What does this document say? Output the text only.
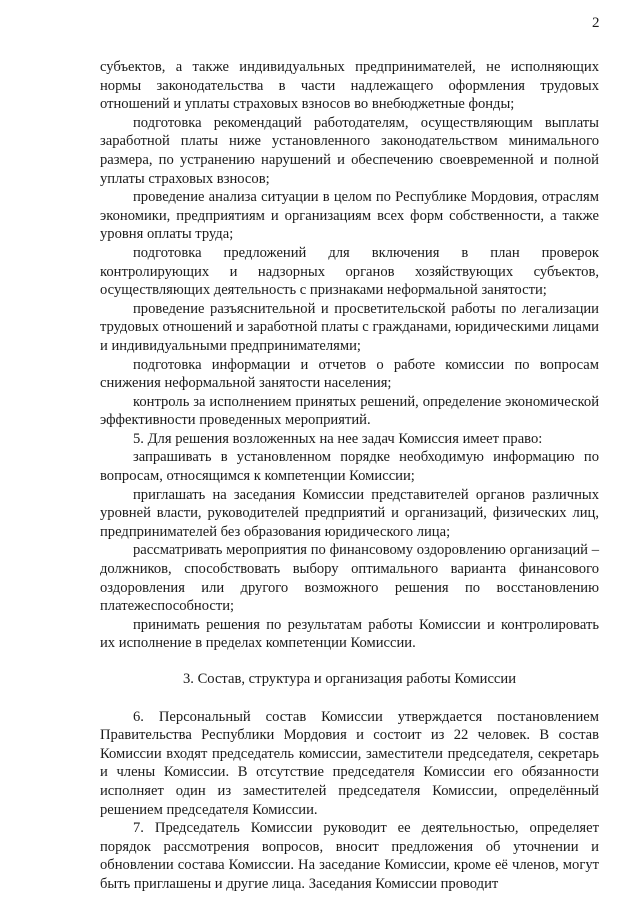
2

субъектов, а также индивидуальных предпринимателей, не исполняющих нормы законодательства в части надлежащего оформления трудовых отношений и уплаты страховых взносов во внебюджетные фонды;

подготовка рекомендаций работодателям, осуществляющим выплаты заработной платы ниже установленного законодательством минимального размера, по устранению нарушений и обеспечению своевременной и полной уплаты страховых взносов;

проведение анализа ситуации в целом по Республике Мордовия, отраслям экономики, предприятиям и организациям всех форм собственности, а также уровня оплаты труда;

подготовка предложений для включения в план проверок контролирующих и надзорных органов хозяйствующих субъектов, осуществляющих деятельность с признаками неформальной занятости;

проведение разъяснительной и просветительской работы по легализации трудовых отношений и заработной платы с гражданами, юридическими лицами и индивидуальными предпринимателями;

подготовка информации и отчетов о работе комиссии по вопросам снижения неформальной занятости населения;

контроль за исполнением принятых решений, определение экономической эффективности проведенных мероприятий.

5. Для решения возложенных на нее задач Комиссия имеет право:

запрашивать в установленном порядке необходимую информацию по вопросам, относящимся к компетенции Комиссии;

приглашать на заседания Комиссии представителей органов различных уровней власти, руководителей предприятий и организаций, физических лиц, предпринимателей без образования юридического лица;

рассматривать мероприятия по финансовому оздоровлению организаций – должников, способствовать выбору оптимального варианта финансового оздоровления или другого возможного решения по восстановлению платежеспособности;

принимать решения по результатам работы Комиссии и контролировать их исполнение в пределах компетенции Комиссии.

3. Состав, структура и организация работы Комиссии

6. Персональный состав Комиссии утверждается постановлением Правительства Республики Мордовия и состоит из 22 человек. В состав Комиссии входят председатель комиссии, заместители председателя, секретарь и члены Комиссии. В отсутствие председателя Комиссии его обязанности исполняет один из заместителей председателя Комиссии, определённый решением председателя Комиссии.

7. Председатель Комиссии руководит ее деятельностью, определяет порядок рассмотрения вопросов, вносит предложения об уточнении и обновлении состава Комиссии. На заседание Комиссии, кроме её членов, могут быть приглашены и другие лица. Заседания Комиссии проводит
